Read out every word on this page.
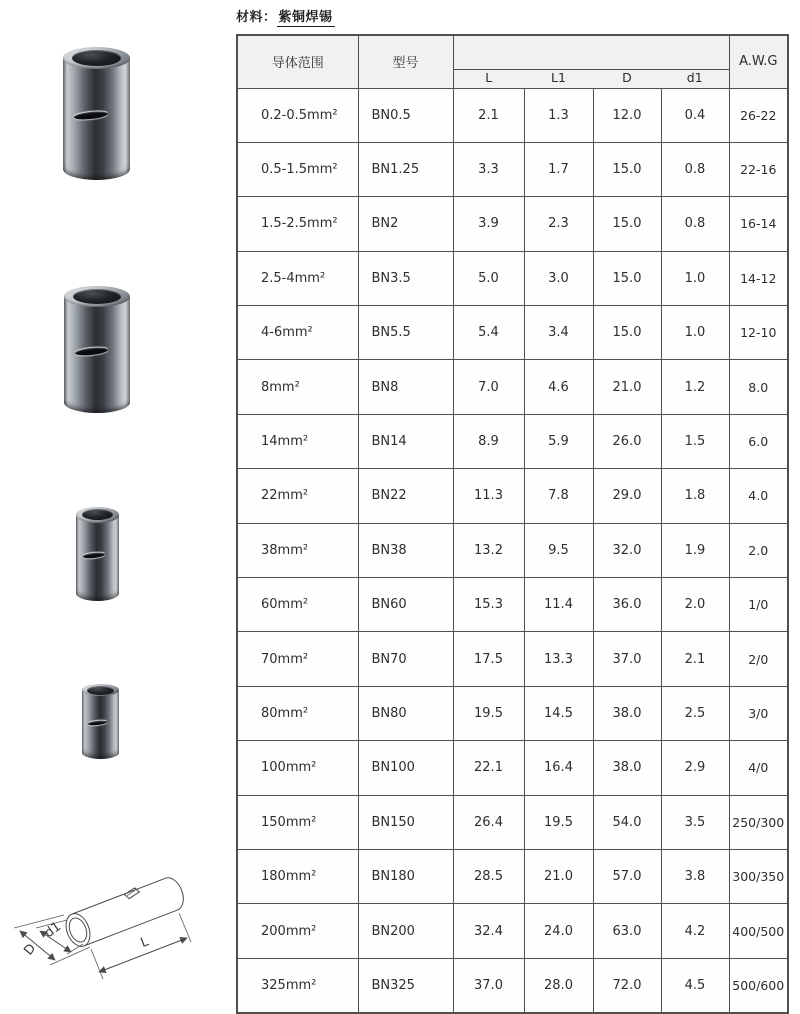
D
d1
L
材料： 紫铜焊锡
导体范围	型号					A.W.G
		L	L1	D	d1	
0.2-0.5mm²	BN0.5	2.1	1.3	12.0	0.4	26-22
0.5-1.5mm²	BN1.25	3.3	1.7	15.0	0.8	22-16
1.5-2.5mm²	BN2	3.9	2.3	15.0	0.8	16-14
2.5-4mm²	BN3.5	5.0	3.0	15.0	1.0	14-12
4-6mm²	BN5.5	5.4	3.4	15.0	1.0	12-10
8mm²	BN8	7.0	4.6	21.0	1.2	8.0
14mm²	BN14	8.9	5.9	26.0	1.5	6.0
22mm²	BN22	11.3	7.8	29.0	1.8	4.0
38mm²	BN38	13.2	9.5	32.0	1.9	2.0
60mm²	BN60	15.3	11.4	36.0	2.0	1/0
70mm²	BN70	17.5	13.3	37.0	2.1	2/0
80mm²	BN80	19.5	14.5	38.0	2.5	3/0
100mm²	BN100	22.1	16.4	38.0	2.9	4/0
150mm²	BN150	26.4	19.5	54.0	3.5	250/300
180mm²	BN180	28.5	21.0	57.0	3.8	300/350
200mm²	BN200	32.4	24.0	63.0	4.2	400/500
325mm²	BN325	37.0	28.0	72.0	4.5	500/600
